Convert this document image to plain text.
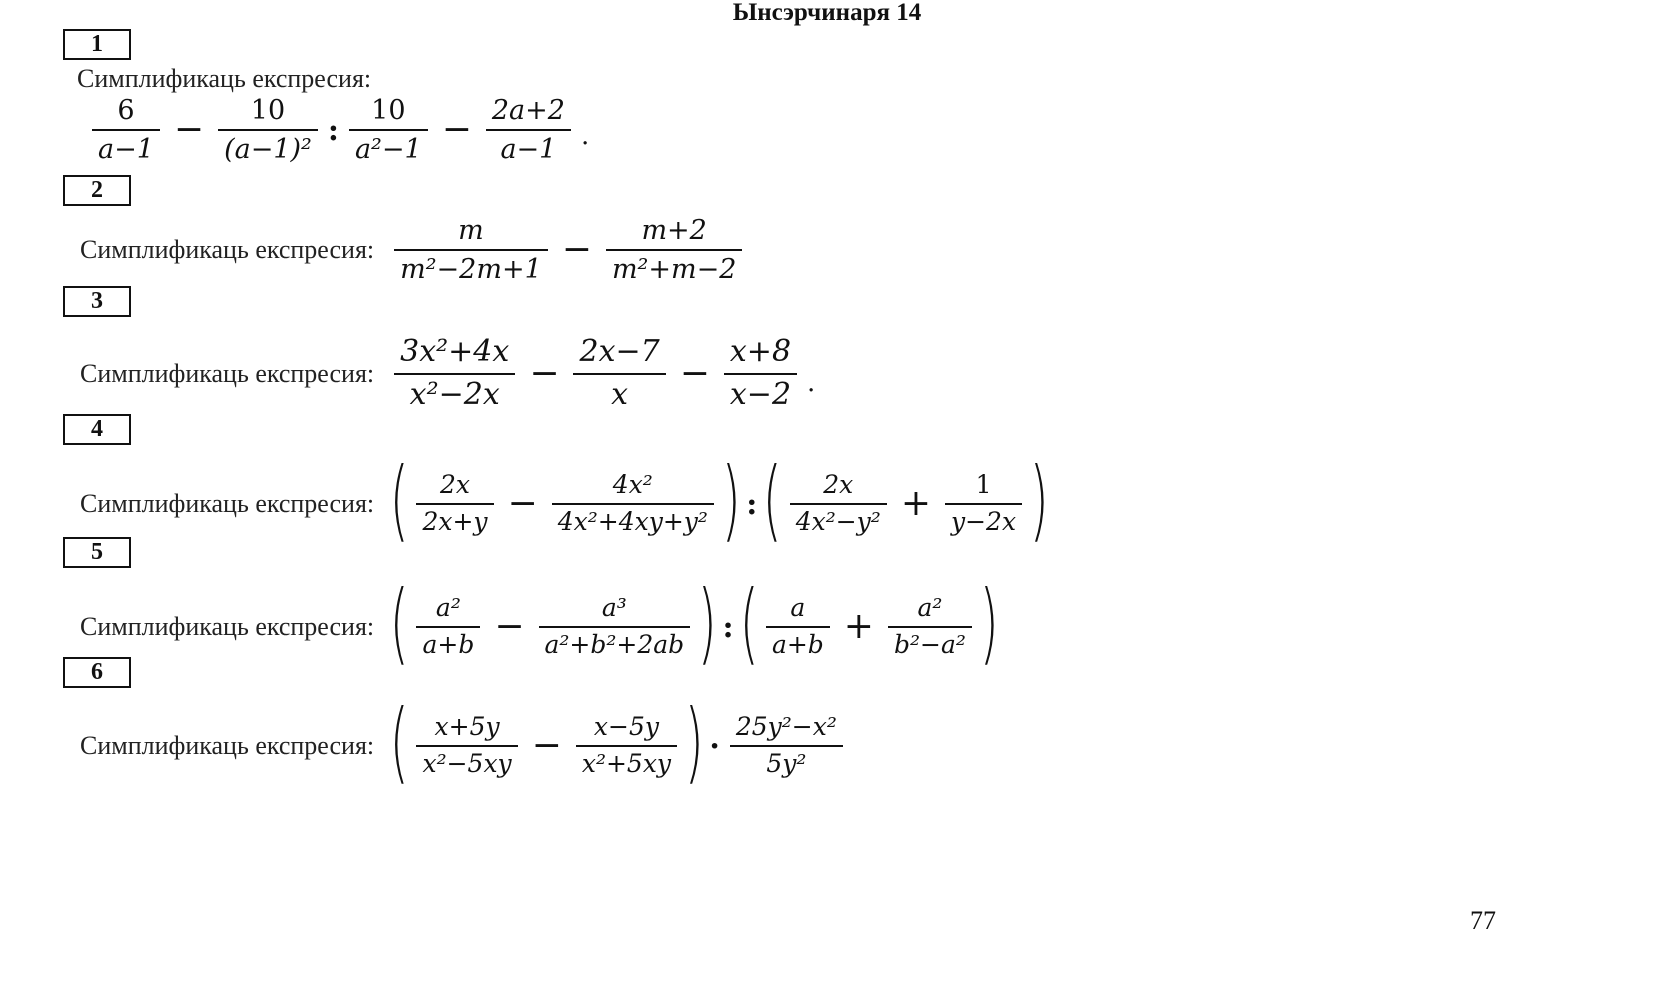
Ынсэрчинаря 14
1
Симплификаць експресия:
$\frac{6}{a-1} - \frac{10}{\text{(a−1)²}}$ : $\frac{10}{\text{a²−1}} - \frac{2a+2}{a-1}$ .
2
Симплификаць експресия: $\frac{m}{\text{m²−2m+1}} - \frac{m+2}{\text{m²+m−2}}$
3
Симплификаць експресия: $\frac{\text{3x²+4x}}{\text{x²−2x}} - \frac{2x-7}{x} - \frac{x+8}{x-2}$ .
4
Симплификаць експресия: ( $\frac{2x}{2x+y} - \frac{\text{4x²}}{\text{4x²+4xy+y²}}$ ) : ( $\frac{2x}{\text{4x²−y²}} + \frac{1}{y-2x}$ )
5
Симплификаць експресия: ( $\frac{\text{a²}}{a+b} - \frac{\text{a³}}{\text{a²+b²+2ab}}$ ) : ( $\frac{a}{a+b} + \frac{\text{a²}}{\text{b²−a²}}$ )
6
Симплификаць експресия: ( $\frac{x+5y}{\text{x²−5xy}} - \frac{x-5y}{\text{x²+5xy}}$ ) · $\frac{\text{25y²−x²}}{\text{5y²}}$
77
